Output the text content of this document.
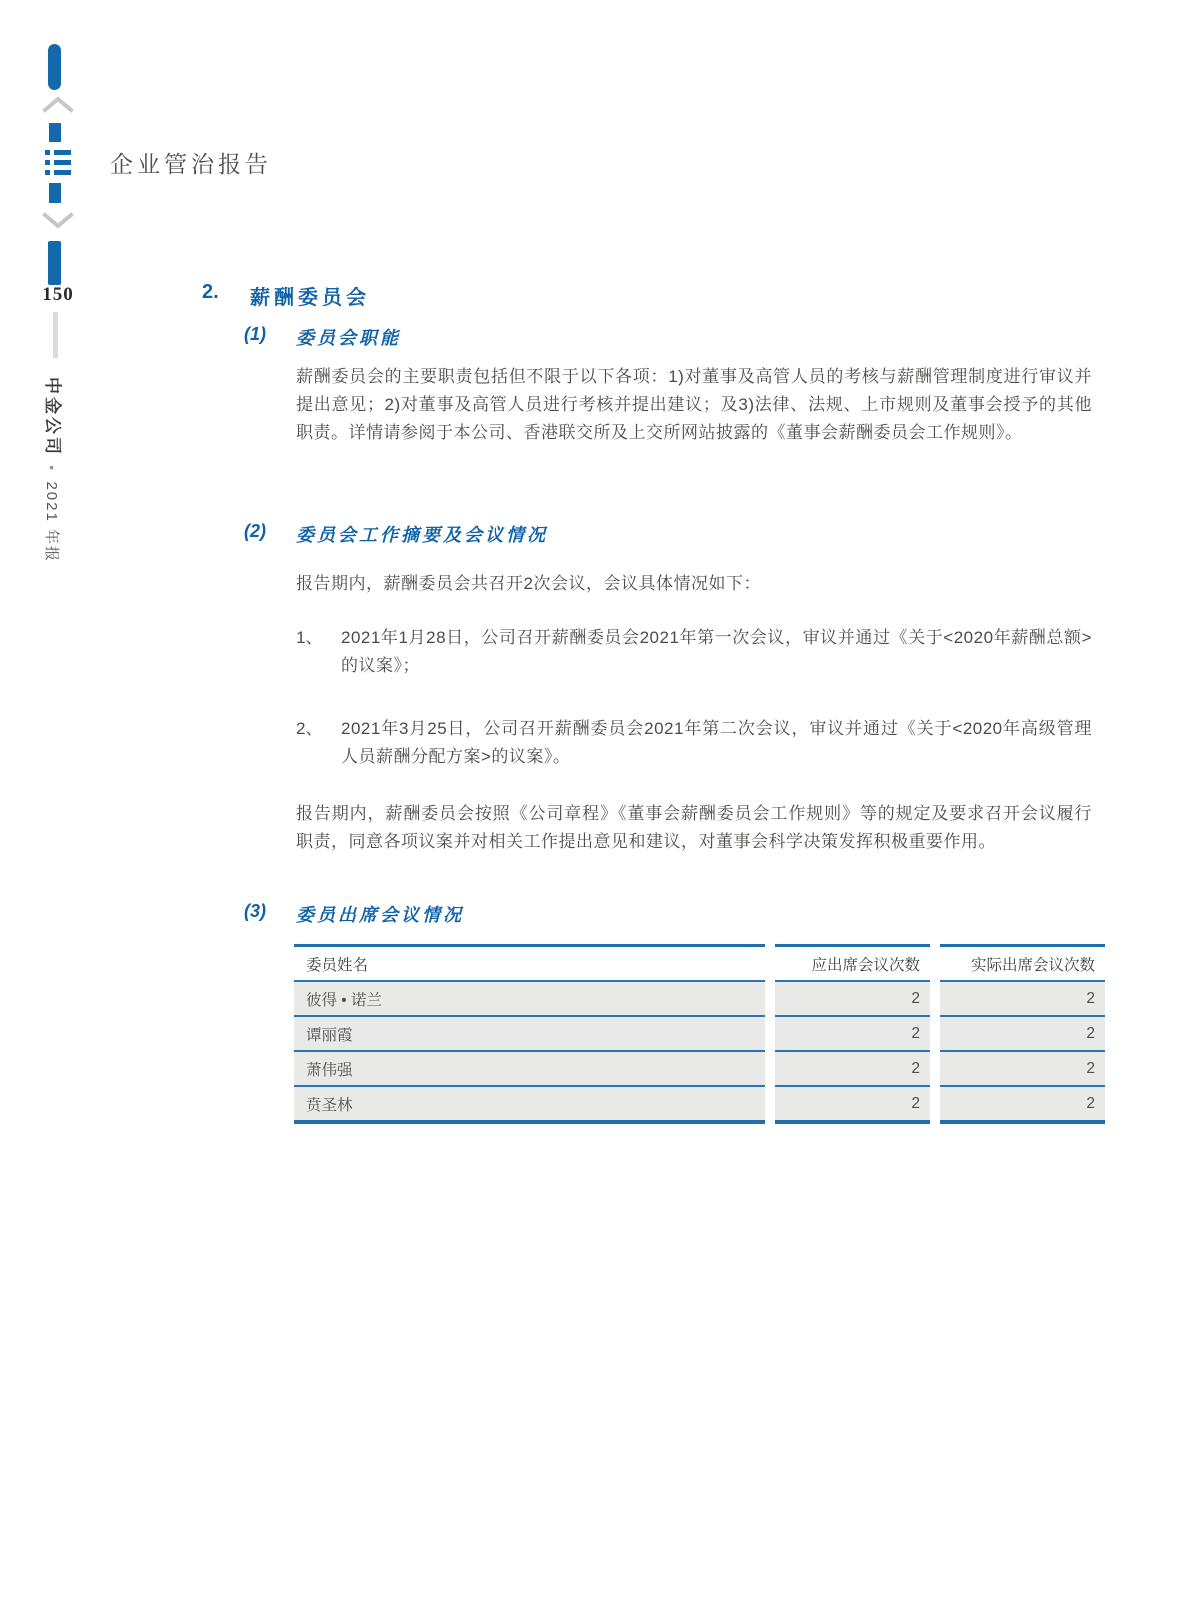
150
中金公司●2021 年报
企业管治报告
2.	薪酬委员会
(1)	委员会职能
薪酬委员会的主要职责包括但不限于以下各项：1)对董事及高管人员的考核与薪酬管理制度进行审议并提出意见；2)对董事及高管人员进行考核并提出建议；及3)法律、法规、上市规则及董事会授予的其他职责。详情请参阅于本公司、香港联交所及上交所网站披露的《董事会薪酬委员会工作规则》。
(2)	委员会工作摘要及会议情况
报告期内，薪酬委员会共召开2次会议，会议具体情况如下：
1、	2021年1月28日，公司召开薪酬委员会2021年第一次会议，审议并通过《关于<2020年薪酬总额>的议案》；
2、	2021年3月25日，公司召开薪酬委员会2021年第二次会议，审议并通过《关于<2020年高级管理人员薪酬分配方案>的议案》。
报告期内，薪酬委员会按照《公司章程》《董事会薪酬委员会工作规则》等的规定及要求召开会议履行职责，同意各项议案并对相关工作提出意见和建议，对董事会科学决策发挥积极重要作用。
(3)	委员出席会议情况
委员姓名	应出席会议次数	实际出席会议次数
彼得 • 诺兰	2	2
谭丽霞	2	2
萧伟强	2	2
贲圣林	2	2
